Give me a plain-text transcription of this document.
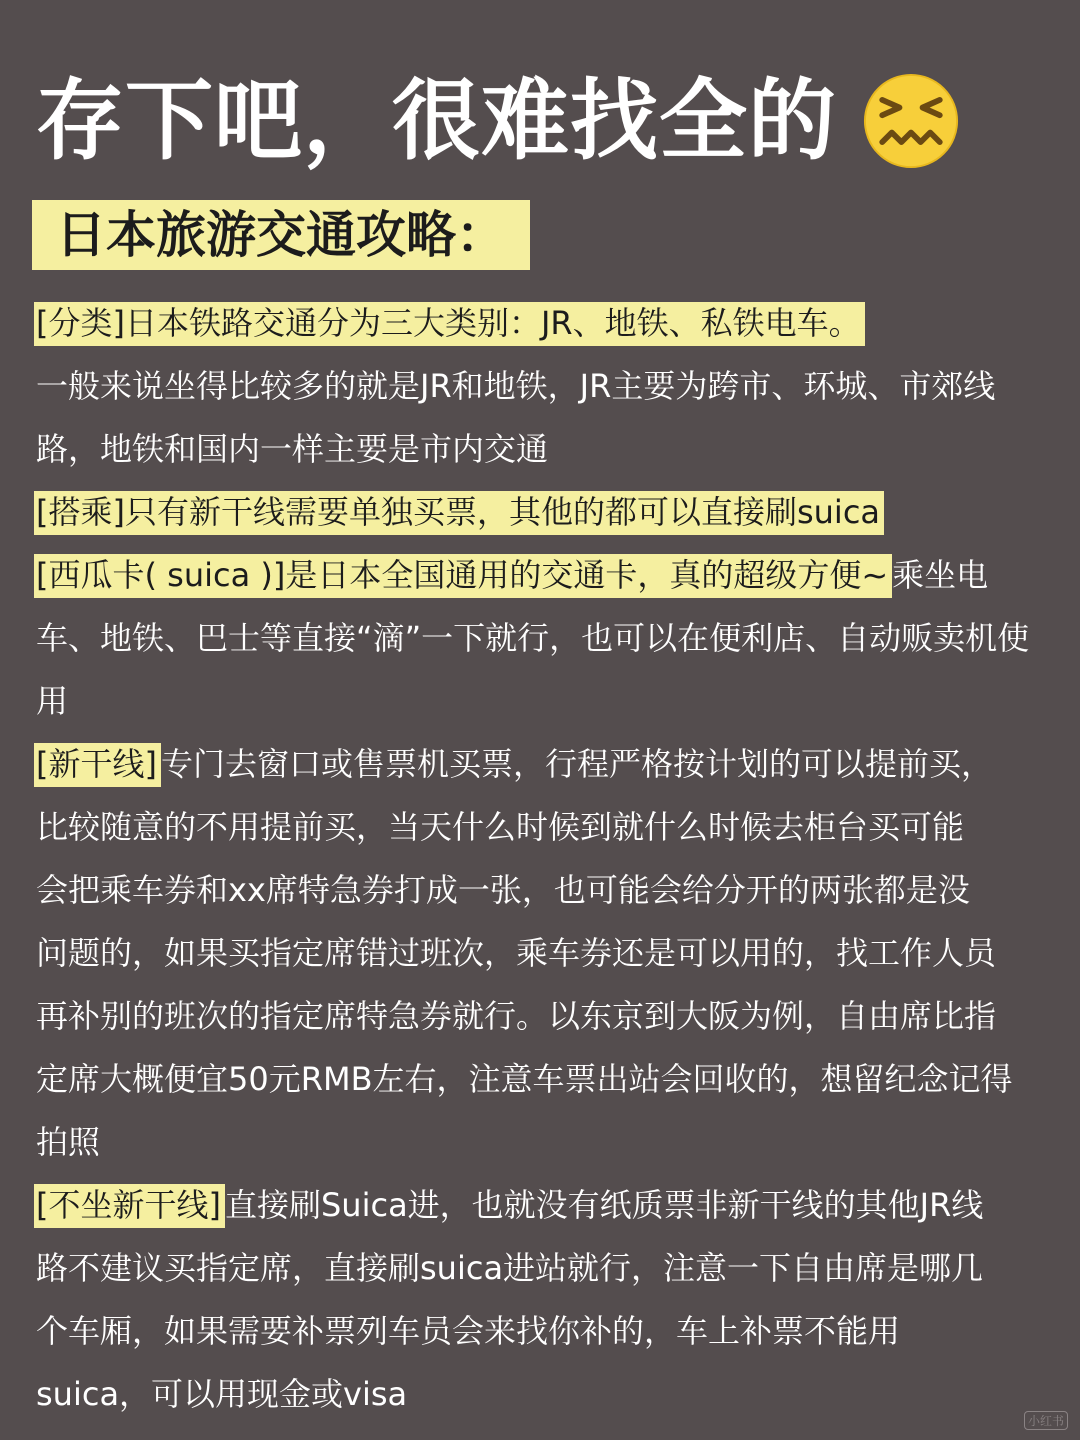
存下吧，很难找全的
日本旅游交通攻略：
[分类]日本铁路交通分为三大类别：JR、地铁、私铁电车。
一般来说坐得比较多的就是JR和地铁，JR主要为跨市、环城、市郊线
路，地铁和国内一样主要是市内交通
[搭乘]只有新干线需要单独买票，其他的都可以直接刷suica
[西瓜卡( suica )]是日本全国通用的交通卡，真的超级方便~ 乘坐电
车、地铁、巴士等直接“滴”一下就行，也可以在便利店、自动贩卖机使
用
[新干线] 专门去窗口或售票机买票，行程严格按计划的可以提前买，
比较随意的不用提前买，当天什么时候到就什么时候去柜台买可能
会把乘车券和xx席特急券打成一张，也可能会给分开的两张都是没
问题的，如果买指定席错过班次，乘车券还是可以用的，找工作人员
再补别的班次的指定席特急券就行。以东京到大阪为例，自由席比指
定席大概便宜50元RMB左右，注意车票出站会回收的，想留纪念记得
拍照
[不坐新干线] 直接刷Suica进，也就没有纸质票非新干线的其他JR线
路不建议买指定席，直接刷suica进站就行，注意一下自由席是哪几
个车厢，如果需要补票列车员会来找你补的，车上补票不能用
suica，可以用现金或visa
小红书
